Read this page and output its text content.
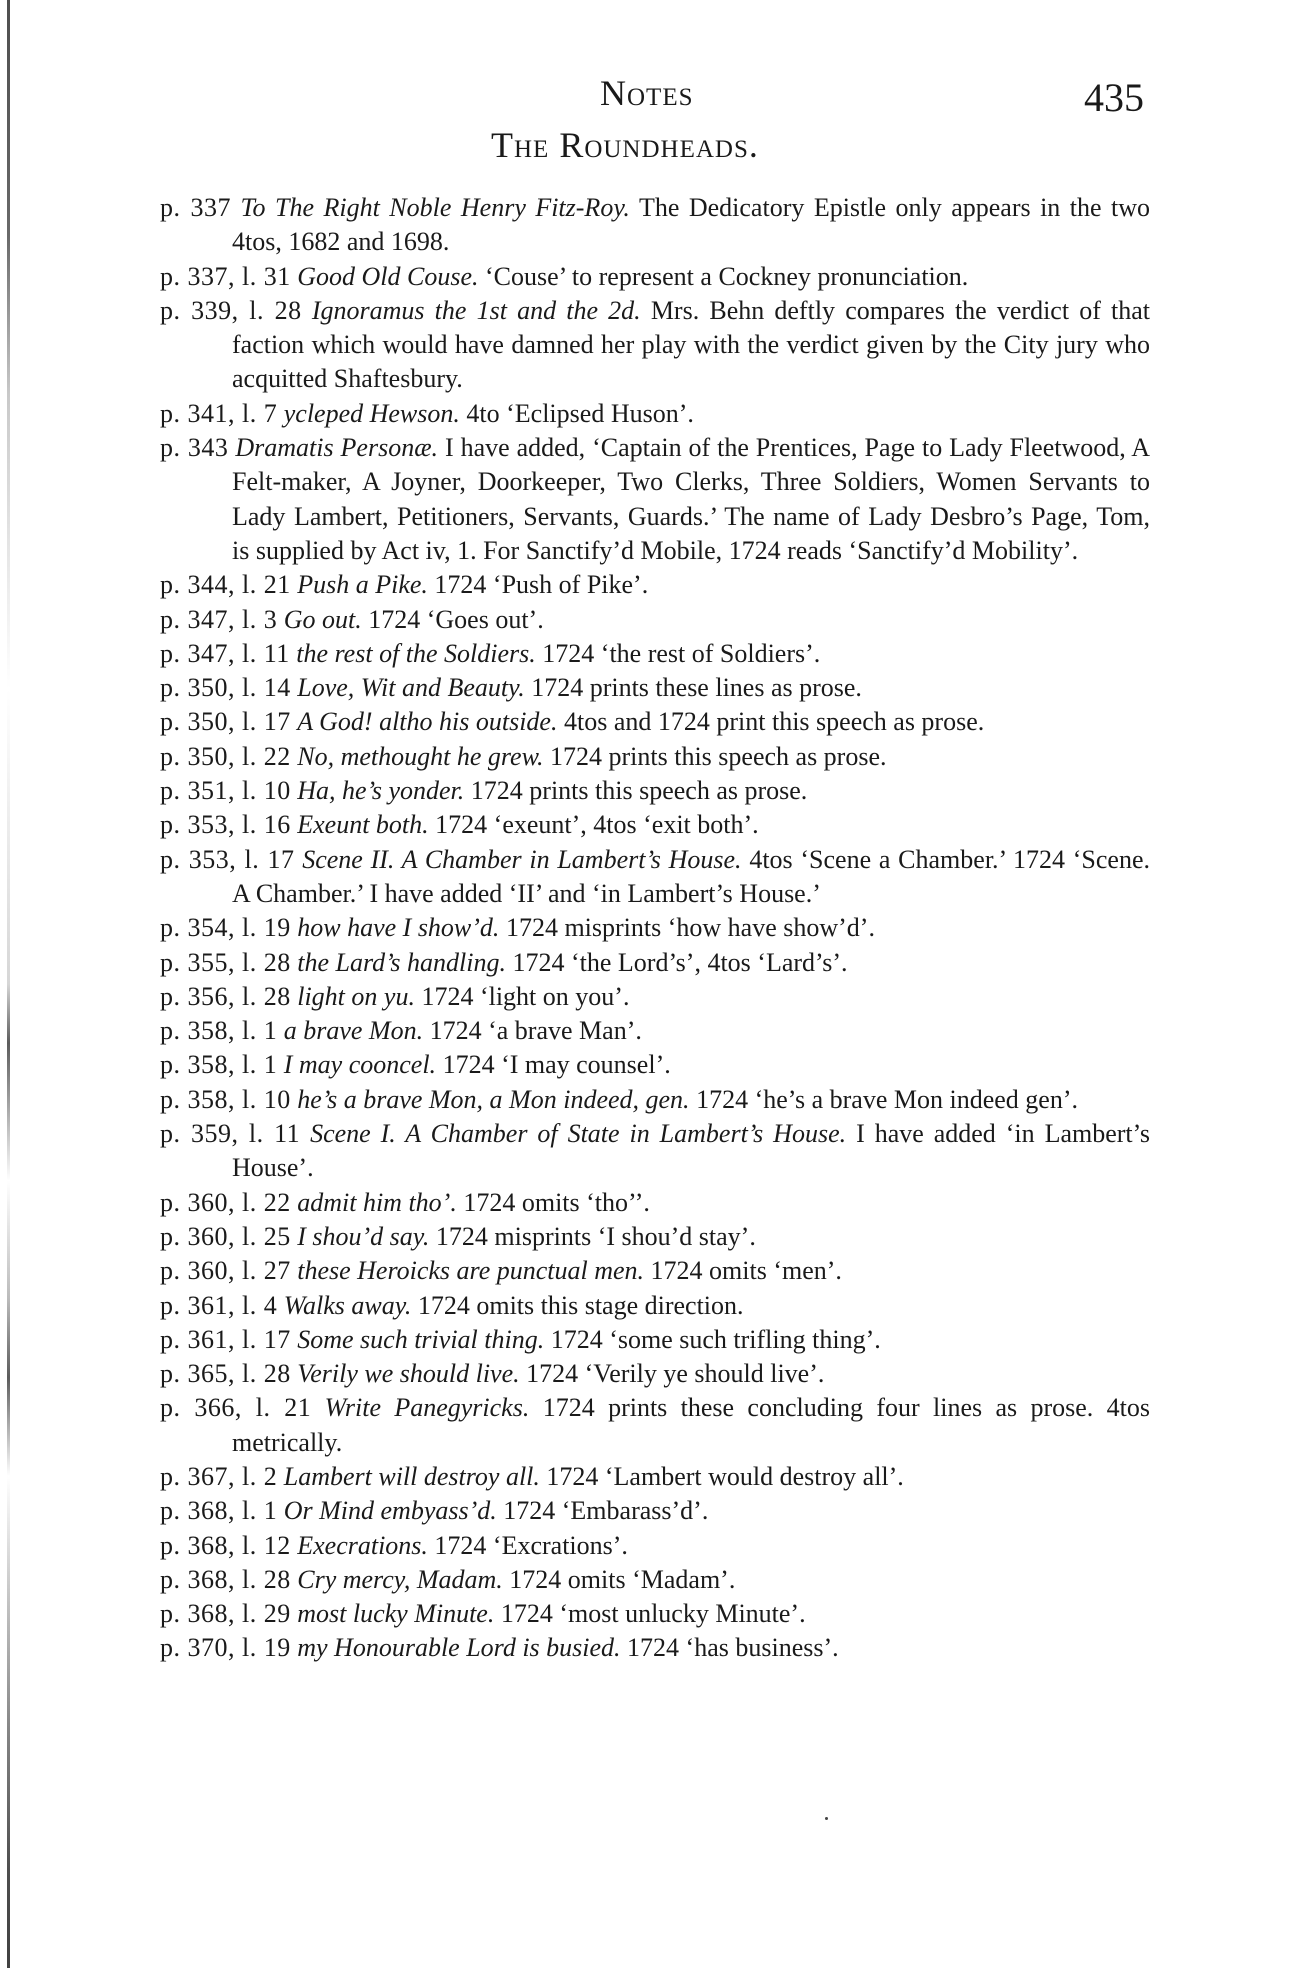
Notes	435
The Roundheads.

p. 337 To The Right Noble Henry Fitz-Roy. The Dedicatory Epistle only appears in the two 4tos, 1682 and 1698.

p. 337, l. 31 Good Old Couse. ‘Couse’ to represent a Cockney pronunciation.

p. 339, l. 28 Ignoramus the 1st and the 2d. Mrs. Behn deftly compares the verdict of that faction which would have damned her play with the verdict given by the City jury who acquitted Shaftesbury.

p. 341, l. 7 ycleped Hewson. 4to ‘Eclipsed Huson’.

p. 343 Dramatis Personæ. I have added, ‘Captain of the Prentices, Page to Lady Fleetwood, A Felt-maker, A Joyner, Doorkeeper, Two Clerks, Three Soldiers, Women Servants to Lady Lambert, Petitioners, Servants, Guards.’ The name of Lady Desbro’s Page, Tom, is supplied by Act iv, 1. For Sanctify’d Mobile, 1724 reads ‘Sanctify’d Mobility’.

p. 344, l. 21 Push a Pike. 1724 ‘Push of Pike’.

p. 347, l. 3 Go out. 1724 ‘Goes out’.

p. 347, l. 11 the rest of the Soldiers. 1724 ‘the rest of Soldiers’.

p. 350, l. 14 Love, Wit and Beauty. 1724 prints these lines as prose.

p. 350, l. 17 A God! altho his outside. 4tos and 1724 print this speech as prose.

p. 350, l. 22 No, methought he grew. 1724 prints this speech as prose.

p. 351, l. 10 Ha, he’s yonder. 1724 prints this speech as prose.

p. 353, l. 16 Exeunt both. 1724 ‘exeunt’, 4tos ‘exit both’.

p. 353, l. 17 Scene II. A Chamber in Lambert’s House. 4tos ‘Scene a Chamber.’ 1724 ‘Scene. A Chamber.’ I have added ‘II’ and ‘in Lambert’s House.’

p. 354, l. 19 how have I show’d. 1724 misprints ‘how have show’d’.

p. 355, l. 28 the Lard’s handling. 1724 ‘the Lord’s’, 4tos ‘Lard’s’.

p. 356, l. 28 light on yu. 1724 ‘light on you’.

p. 358, l. 1 a brave Mon. 1724 ‘a brave Man’.

p. 358, l. 1 I may cooncel. 1724 ‘I may counsel’.

p. 358, l. 10 he’s a brave Mon, a Mon indeed, gen. 1724 ‘he’s a brave Mon indeed gen’.

p. 359, l. 11 Scene I. A Chamber of State in Lambert’s House. I have added ‘in Lambert’s House’.

p. 360, l. 22 admit him tho’. 1724 omits ‘tho’’.

p. 360, l. 25 I shou’d say. 1724 misprints ‘I shou’d stay’.

p. 360, l. 27 these Heroicks are punctual men. 1724 omits ‘men’.

p. 361, l. 4 Walks away. 1724 omits this stage direction.

p. 361, l. 17 Some such trivial thing. 1724 ‘some such trifling thing’.

p. 365, l. 28 Verily we should live. 1724 ‘Verily ye should live’.

p. 366, l. 21 Write Panegyricks. 1724 prints these concluding four lines as prose. 4tos metrically.

p. 367, l. 2 Lambert will destroy all. 1724 ‘Lambert would destroy all’.

p. 368, l. 1 Or Mind embyass’d. 1724 ‘Embarass’d’.

p. 368, l. 12 Execrations. 1724 ‘Excrations’.

p. 368, l. 28 Cry mercy, Madam. 1724 omits ‘Madam’.

p. 368, l. 29 most lucky Minute. 1724 ‘most unlucky Minute’.

p. 370, l. 19 my Honourable Lord is busied. 1724 ‘has business’.
